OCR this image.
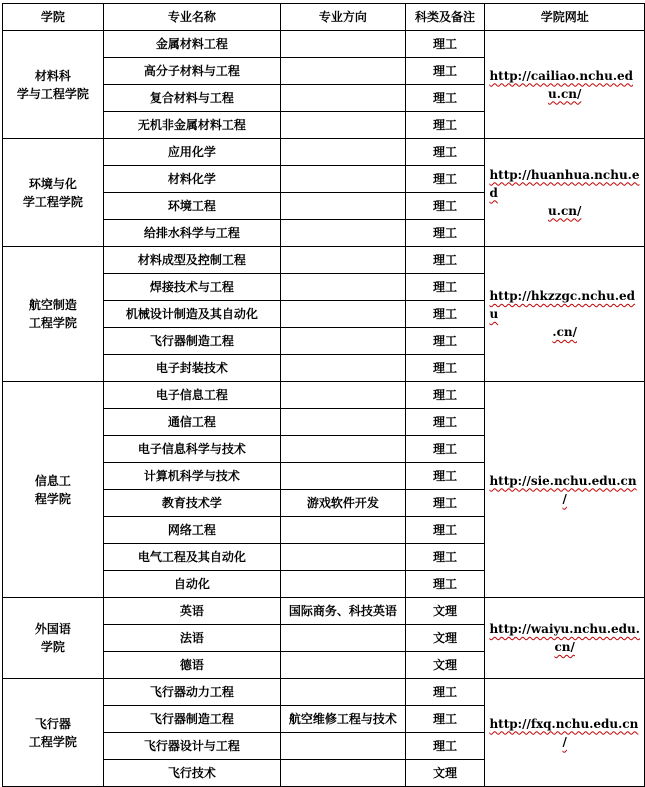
学院	专业名称	专业方向	科类及备注	学院网址

材料科
学与工程学院	金属材料工程		理工	http://cailiao.nchu.ed
u.cn/

	高分子材料与工程		理工	
	复合材料与工程		理工	
	无机非金属材料工程		理工	

环境与化
学工程学院	应用化学		理工	http://huanhua.nchu.ed
u.cn/

	材料化学		理工	
	环境工程		理工	
	给排水科学与工程		理工	

航空制造
工程学院	材料成型及控制工程		理工	http://hkzzgc.nchu.edu
.cn/

	焊接技术与工程		理工	
	机械设计制造及其自动化		理工	
	飞行器制造工程		理工	
	电子封装技术		理工	

信息工
程学院	电子信息工程		理工	http://sie.nchu.edu.cn
/

	通信工程		理工	
	电子信息科学与技术		理工	
	计算机科学与技术		理工	
	教育技术学	游戏软件开发	理工	
	网络工程		理工	
	电气工程及其自动化		理工	
	自动化		理工	

外国语
学院	英语	国际商务、科技英语	文理	http://waiyu.nchu.edu.
cn/

	法语		文理	
	德语		文理	

飞行器
工程学院	飞行器动力工程		理工	http://fxq.nchu.edu.cn
/

	飞行器制造工程	航空维修工程与技术	理工	
	飞行器设计与工程		理工	
	飞行技术		文理	
